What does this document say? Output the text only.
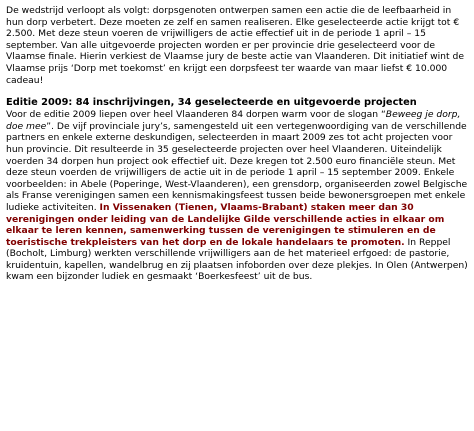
De wedstrijd verloopt als volgt: dorpsgenoten ontwerpen samen een actie die de leefbaarheid in hun dorp verbetert. Deze moeten ze zelf en samen realiseren. Elke geselecteerde actie krijgt tot € 2.500. Met deze steun voeren de vrijwilligers de actie effectief uit in de periode 1 april – 15 september. Van alle uitgevoerde projecten worden er per provincie drie geselecteerd voor de Vlaamse finale. Hierin verkiest de Vlaamse jury de beste actie van Vlaanderen. Dit initiatief wint de Vlaamse prijs ‘Dorp met toekomst’ en krijgt een dorpsfeest ter waarde van maar liefst € 10.000 cadeau!

Editie 2009: 84 inschrijvingen, 34 geselecteerde en uitgevoerde projecten

Voor de editie 2009 liepen over heel Vlaanderen 84 dorpen warm voor de slogan “Beweeg je dorp, doe mee”. De vijf provinciale jury’s, samengesteld uit een vertegenwoordiging van de verschillende partners en enkele externe deskundigen, selecteerden in maart 2009 zes tot acht projecten voor hun provincie. Dit resulteerde in 35 geselecteerde projecten over heel Vlaanderen. Uiteindelijk voerden 34 dorpen hun project ook effectief uit. Deze kregen tot 2.500 euro financiële steun. Met deze steun voerden de vrijwilligers de actie uit in de periode 1 april – 15 september 2009. Enkele voorbeelden: in Abele (Poperinge, West-Vlaanderen), een grensdorp, organiseerden zowel Belgische als Franse verenigingen samen een kennismakingsfeest tussen beide bewonersgroepen met enkele ludieke activiteiten. In Vissenaken (Tienen, Vlaams-Brabant) staken meer dan 30 verenigingen onder leiding van de Landelijke Gilde verschillende acties in elkaar om elkaar te leren kennen, samenwerking tussen de verenigingen te stimuleren en de toeristische trekpleisters van het dorp en de lokale handelaars te promoten. In Reppel (Bocholt, Limburg) werkten verschillende vrijwilligers aan de het materieel erfgoed: de pastorie, kruidentuin, kapellen, wandelbrug en zij plaatsen infoborden over deze plekjes. In Olen (Antwerpen) kwam een bijzonder ludiek en gesmaakt ‘Boerkesfeest’ uit de bus.
